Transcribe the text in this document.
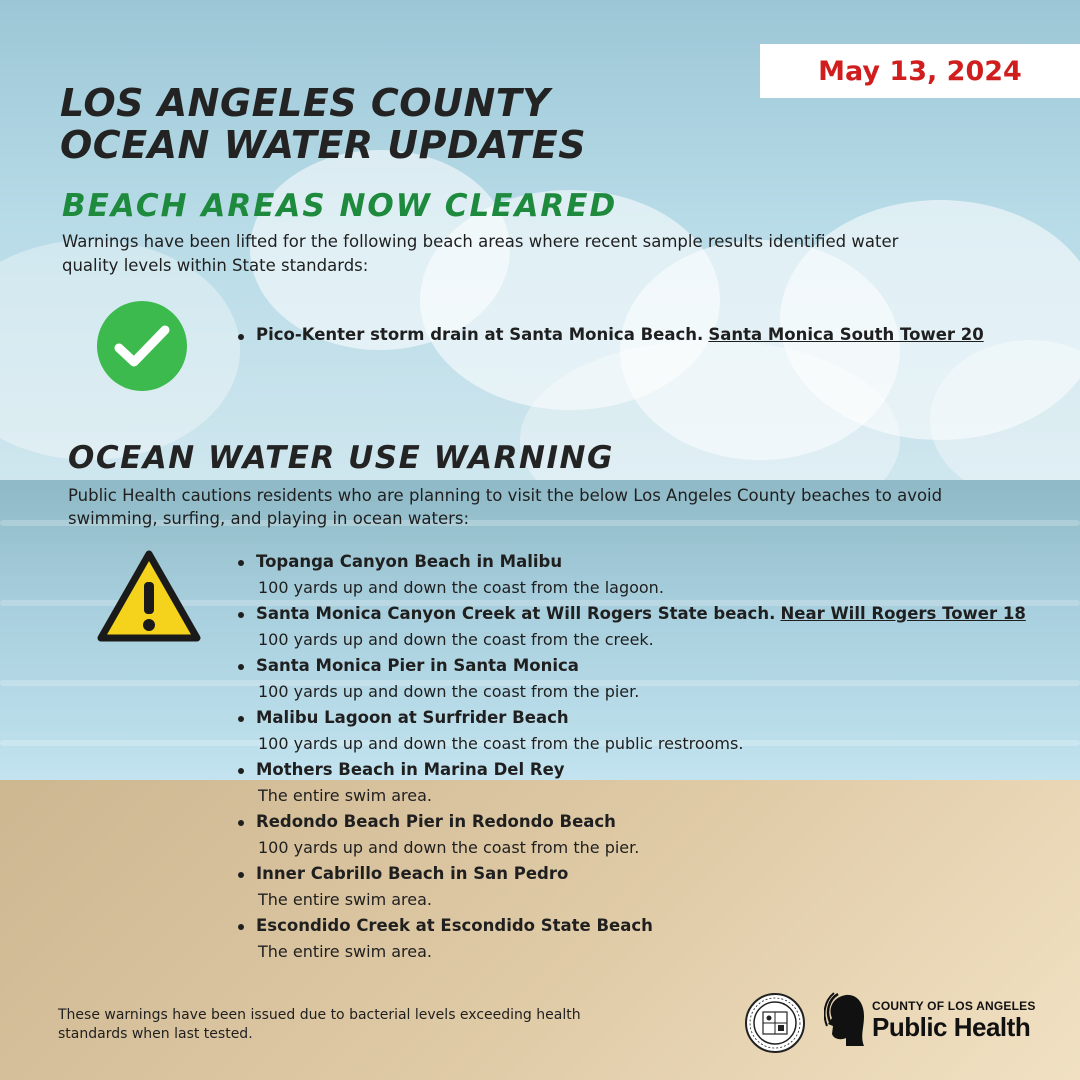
May 13, 2024
LOS ANGELES COUNTY
OCEAN WATER UPDATES
BEACH AREAS NOW CLEARED
Warnings have been lifted for the following beach areas where recent sample results identified water quality levels within State standards:
Pico-Kenter storm drain at Santa Monica Beach. Santa Monica South Tower 20
OCEAN WATER USE WARNING
Public Health cautions residents who are planning to visit the below Los Angeles County beaches to avoid swimming, surfing, and playing in ocean waters:
Topanga Canyon Beach in Malibu
100 yards up and down the coast from the lagoon.
Santa Monica Canyon Creek at Will Rogers State beach. Near Will Rogers Tower 18
100 yards up and down the coast from the creek.
Santa Monica Pier in Santa Monica
100 yards up and down the coast from the pier.
Malibu Lagoon at Surfrider Beach
100 yards up and down the coast from the public restrooms.
Mothers Beach in Marina Del Rey
The entire swim area.
Redondo Beach Pier in Redondo Beach
100 yards up and down the coast from the pier.
Inner Cabrillo Beach in San Pedro
The entire swim area.
Escondido Creek at Escondido State Beach
The entire swim area.
These warnings have been issued due to bacterial levels exceeding health standards when last tested.
COUNTY OF LOS ANGELES
Public Health
